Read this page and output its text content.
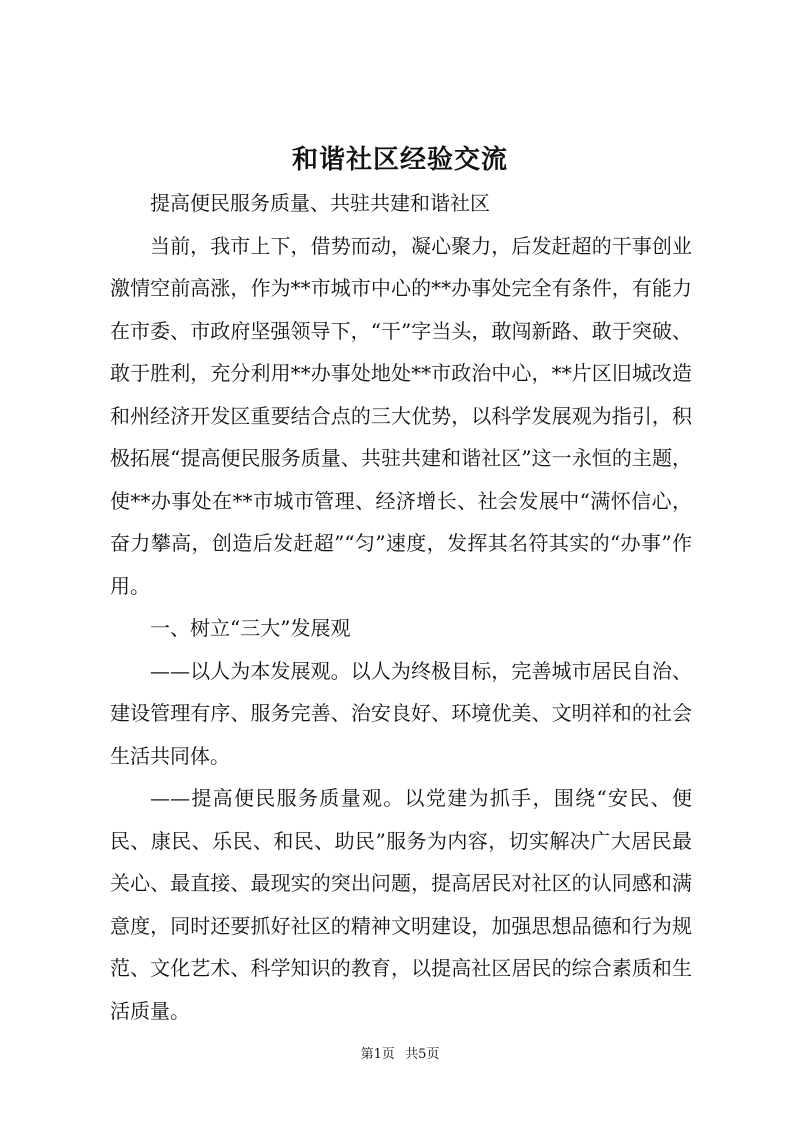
和谐社区经验交流

提高便民服务质量、共驻共建和谐社区

当前，我市上下，借势而动，凝心聚力，后发赶超的干事创业激情空前高涨，作为**市城市中心的**办事处完全有条件，有能力在市委、市政府坚强领导下，“干”字当头，敢闯新路、敢于突破、敢于胜利，充分利用**办事处地处**市政治中心，**片区旧城改造和州经济开发区重要结合点的三大优势，以科学发展观为指引，积极拓展“提高便民服务质量、共驻共建和谐社区”这一永恒的主题，使**办事处在**市城市管理、经济增长、社会发展中“满怀信心，奋力攀高，创造后发赶超”“匀”速度，发挥其名符其实的“办事”作用。

一、树立“三大”发展观

——以人为本发展观。以人为终极目标，完善城市居民自治、建设管理有序、服务完善、治安良好、环境优美、文明祥和的社会生活共同体。

——提高便民服务质量观。以党建为抓手，围绕“安民、便民、康民、乐民、和民、助民”服务为内容，切实解决广大居民最关心、最直接、最现实的突出问题，提高居民对社区的认同感和满意度，同时还要抓好社区的精神文明建设，加强思想品德和行为规范、文化艺术、科学知识的教育，以提高社区居民的综合素质和生活质量。

第1页 共5页
